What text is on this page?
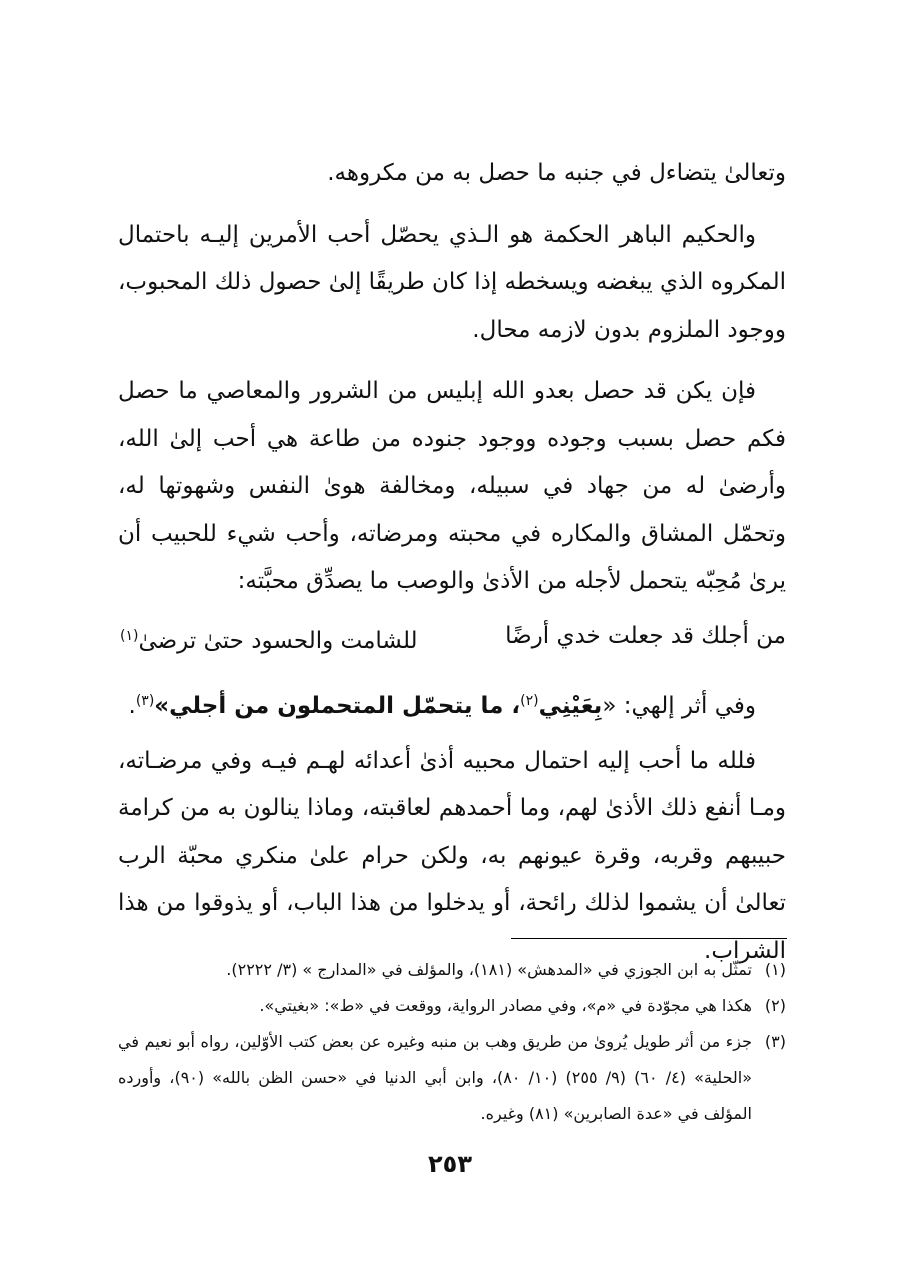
وتعالىٰ يتضاءل في جنبه ما حصل به من مكروهه.

والحكيم الباهر الحكمة هو الـذي يحصّل أحب الأمرين إليـه باحتمال المكروه الذي يبغضه ويسخطه إذا كان طريقًا إلىٰ حصول ذلك المحبوب، ووجود الملزوم بدون لازمه محال.

فإن يكن قد حصل بعدو الله إبليس من الشرور والمعاصي ما حصل فكم حصل بسبب وجوده ووجود جنوده من طاعة هي أحب إلىٰ الله، وأرضىٰ له من جهاد في سبيله، ومخالفة هوىٰ النفس وشهوتها له، وتحمّل المشاق والمكاره في محبته ومرضاته، وأحب شيء للحبيب أن يرىٰ مُحِبّه يتحمل لأجله من الأذىٰ والوصب ما يصدِّق محبَّته:

من أجلك قد جعلت خدي أرضًا
للشامت والحسود حتىٰ ترضىٰ$^{(١)}$

وفي أثر إلهي: «بِعَيْنِي$^{(٢)}$، ما يتحمّل المتحملون من أجلي»$^{(٣)}$.

فلله ما أحب إليه احتمال محبيه أذىٰ أعدائه لهـم فيـه وفي مرضـاته، ومـا أنفع ذلك الأذىٰ لهم، وما أحمدهم لعاقبته، وماذا ينالون به من كرامة حبيبهم وقربه، وقرة عيونهم به، ولكن حرام علىٰ منكري محبّة الرب تعالىٰ أن يشموا لذلك رائحة، أو يدخلوا من هذا الباب، أو يذوقوا من هذا الشراب.

(١)
تمثّل به ابن الجوزي في «المدهش» (١٨١)، والمؤلف في «المدارج » (٣/ ٢٢٢٢).
(٢)
هكذا هي مجوّدة في «م»، وفي مصادر الرواية، ووقعت في «ط»: «بغيتي».
(٣)
جزء من أثر طويل يُروىٰ من طريق وهب بن منبه وغيره عن بعض كتب الأوّلين، رواه أبو نعيم في «الحلية» (٤/ ٦٠) (٩/ ٢٥٥) (١٠/ ٨٠)، وابن أبي الدنيا في «حسن الظن بالله» (٩٠)، وأورده المؤلف في «عدة الصابرين» (٨١) وغيره.
٢٥٣
